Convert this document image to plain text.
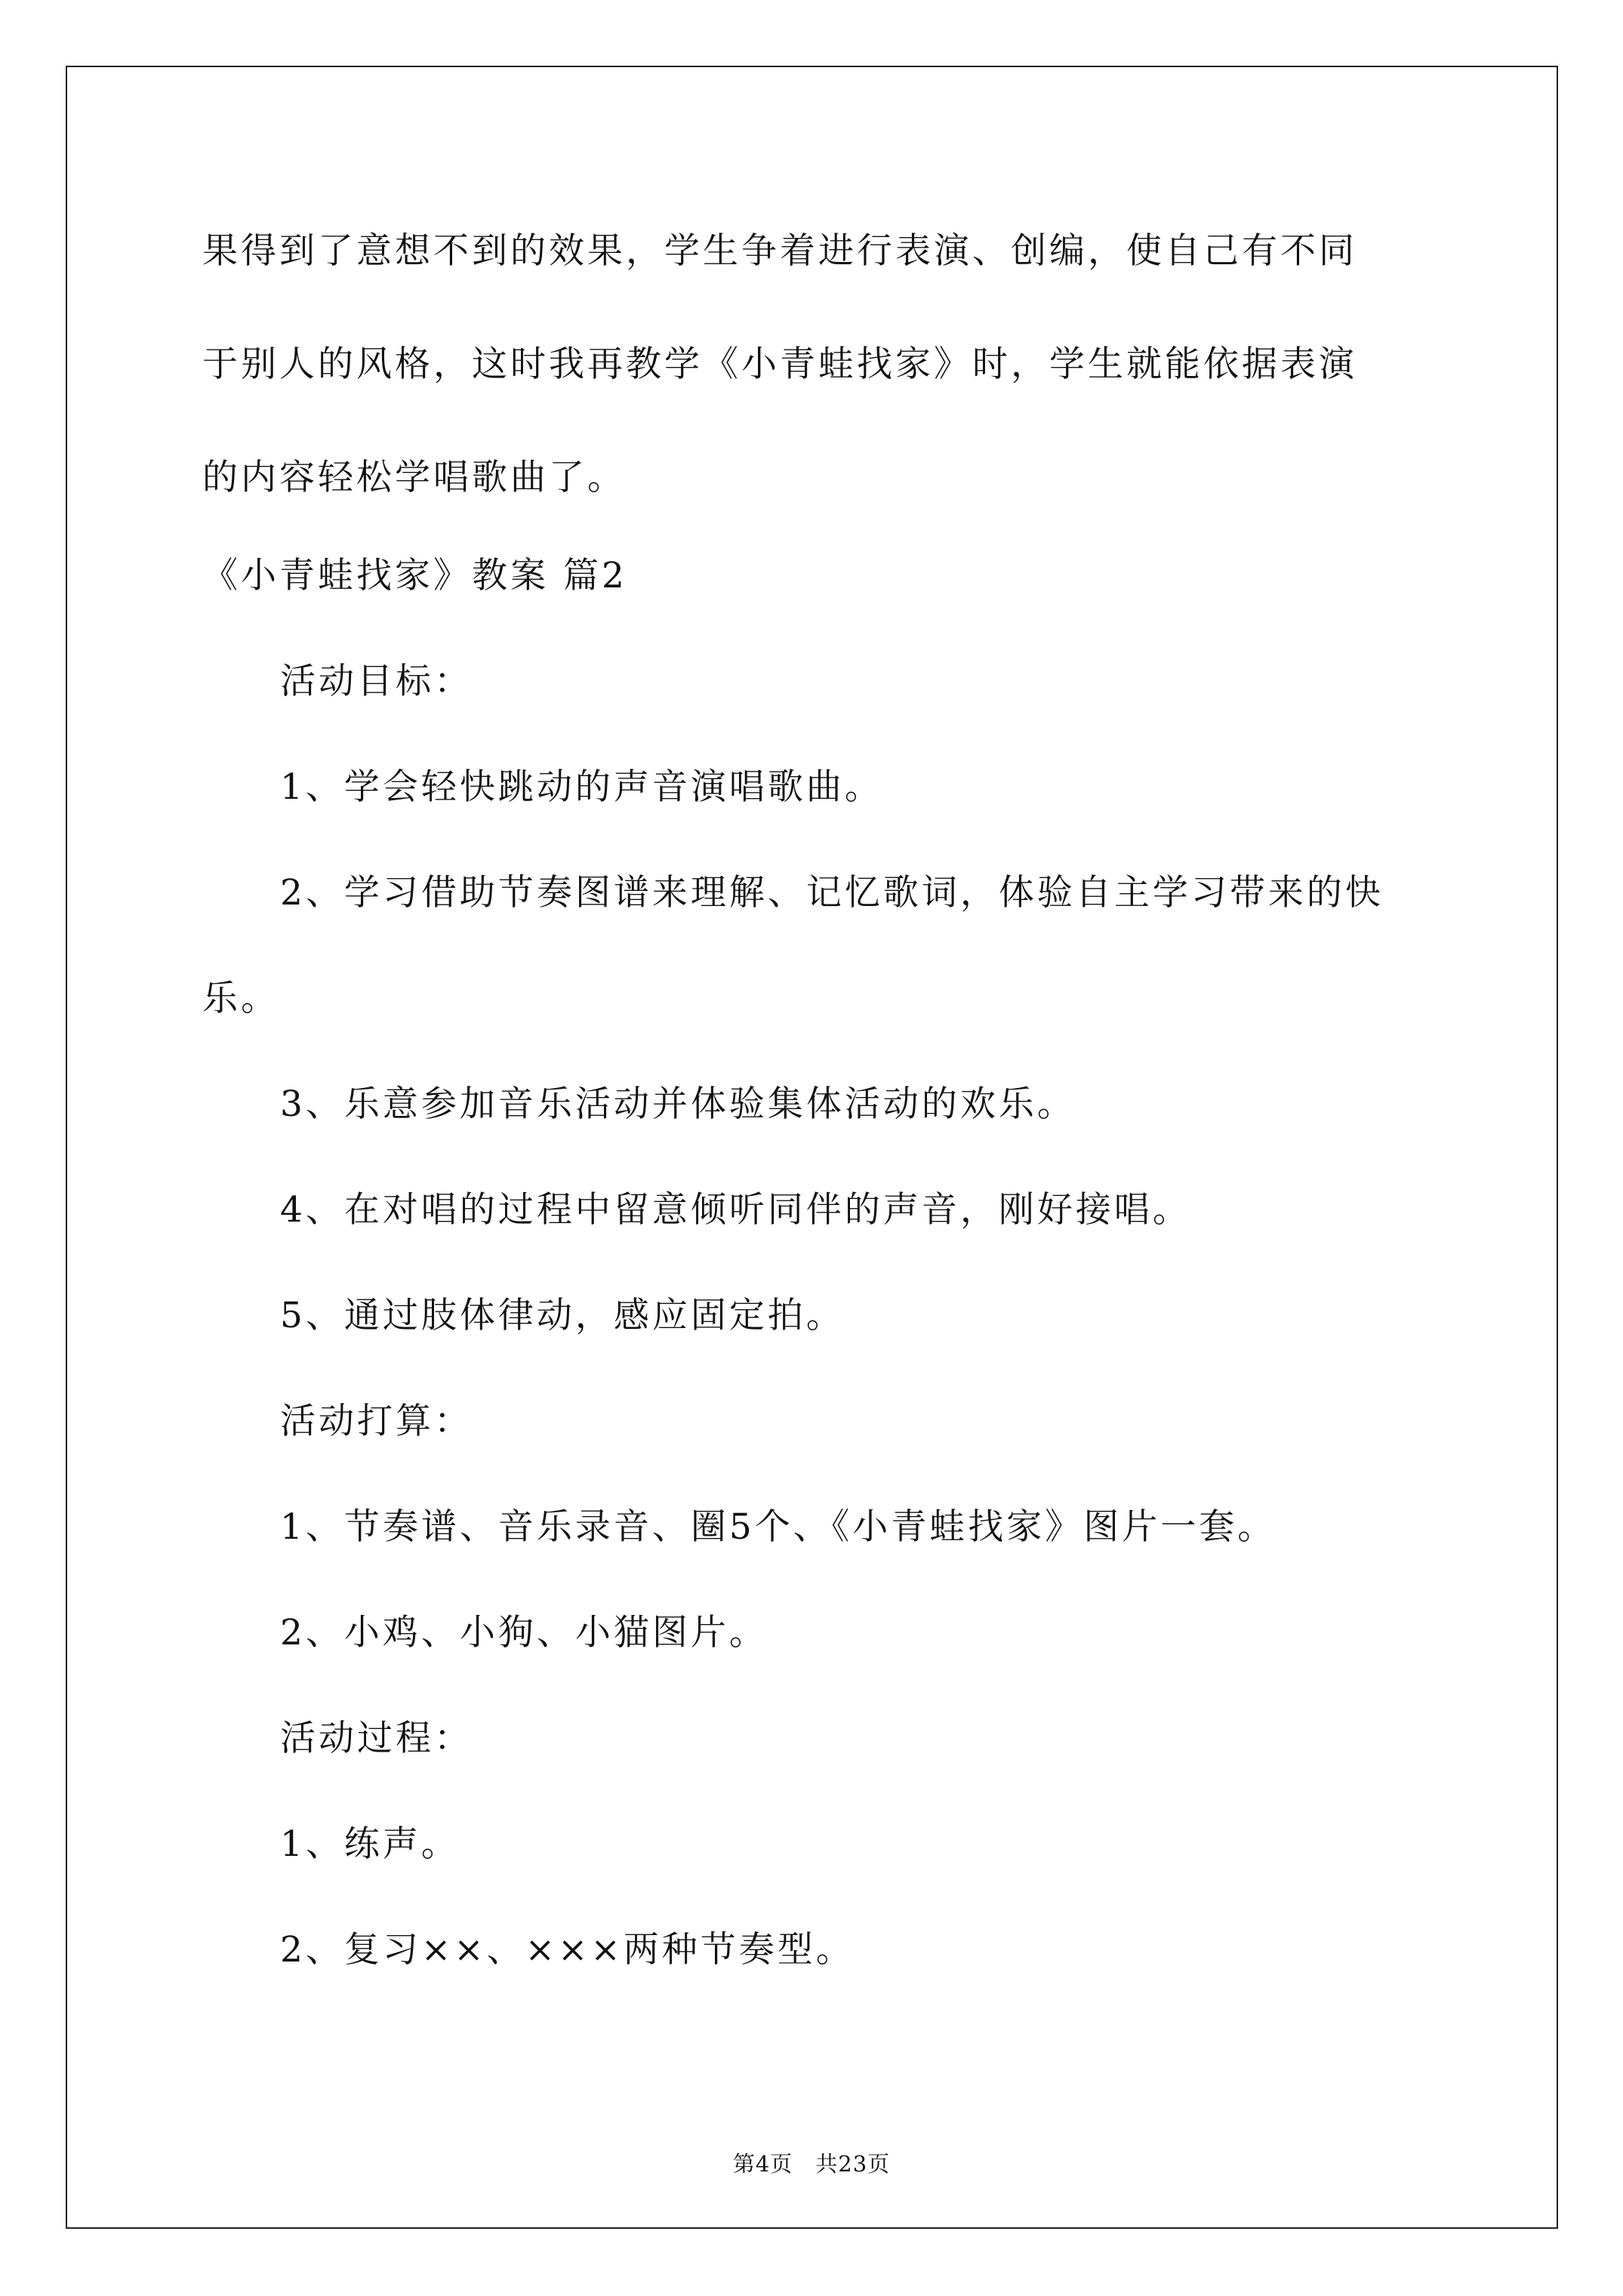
果得到了意想不到的效果，学生争着进行表演、创编，使自己有不同
于别人的风格，这时我再教学《小青蛙找家》时，学生就能依据表演
的内容轻松学唱歌曲了。
《小青蛙找家》教案 篇2
活动目标：
1、学会轻快跳动的声音演唱歌曲。
2、学习借助节奏图谱来理解、记忆歌词，体验自主学习带来的快
乐。
3、乐意参加音乐活动并体验集体活动的欢乐。
4、在对唱的过程中留意倾听同伴的声音，刚好接唱。
5、通过肢体律动，感应固定拍。
活动打算：
1、节奏谱、音乐录音、圈5个、《小青蛙找家》图片一套。
2、小鸡、小狗、小猫图片。
活动过程：
1、练声。
2、复习××、×××两种节奏型。
第4页　共23页
